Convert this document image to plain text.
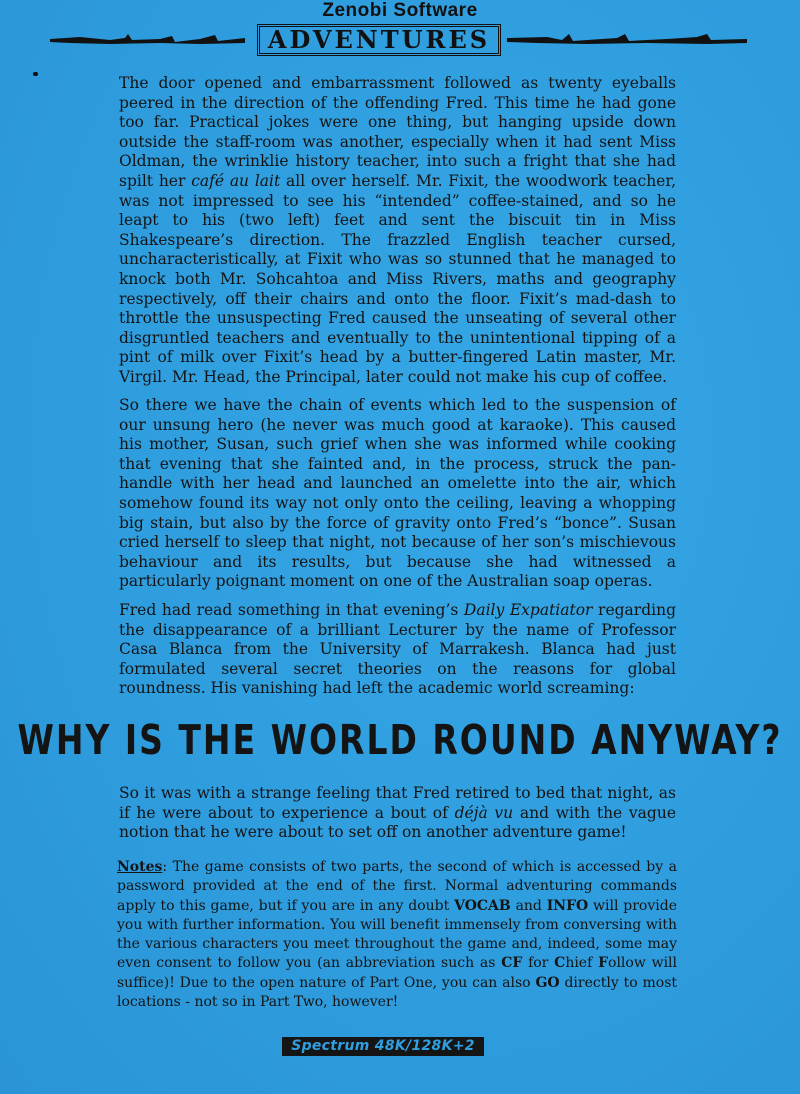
Zenobi Software
ADVENTURES

The door opened and embarrassment followed as twenty eyeballs peered in the direction of the offending Fred. This time he had gone too far. Practical jokes were one thing, but hanging upside down outside the staff-room was another, especially when it had sent Miss Oldman, the wrinklie history teacher, into such a fright that she had spilt her café au lait all over herself. Mr. Fixit, the woodwork teacher, was not impressed to see his “intended” coffee-stained, and so he leapt to his (two left) feet and sent the biscuit tin in Miss Shakespeare’s direction. The frazzled English teacher cursed, uncharacteristically, at Fixit who was so stunned that he managed to knock both Mr. Sohcahtoa and Miss Rivers, maths and geography respectively, off their chairs and onto the floor. Fixit’s mad-dash to throttle the unsuspecting Fred caused the unseating of several other disgruntled teachers and eventually to the unintentional tipping of a pint of milk over Fixit’s head by a butter-fingered Latin master, Mr. Virgil. Mr. Head, the Principal, later could not make his cup of coffee.

So there we have the chain of events which led to the suspension of our unsung hero (he never was much good at karaoke). This caused his mother, Susan, such grief when she was informed while cooking that evening that she fainted and, in the process, struck the pan-handle with her head and launched an omelette into the air, which somehow found its way not only onto the ceiling, leaving a whopping big stain, but also by the force of gravity onto Fred’s “bonce”. Susan cried herself to sleep that night, not because of her son’s mischievous behaviour and its results, but because she had witnessed a particularly poignant moment on one of the Australian soap operas.

Fred had read something in that evening’s Daily Expatiator regarding the disappearance of a brilliant Lecturer by the name of Professor Casa Blanca from the University of Marrakesh. Blanca had just formulated several secret theories on the reasons for global roundness. His vanishing had left the academic world screaming:

So it was with a strange feeling that Fred retired to bed that night, as if he were about to experience a bout of déjà vu and with the vague notion that he were about to set off on another adventure game!

WHY IS THE WORLD ROUND ANYWAY?

Notes: The game consists of two parts, the second of which is accessed by a password provided at the end of the first. Normal adventuring commands apply to this game, but if you are in any doubt VOCAB and INFO will provide you with further information. You will benefit immensely from conversing with the various characters you meet throughout the game and, indeed, some may even consent to follow you (an abbreviation such as CF for Chief Follow will suffice)! Due to the open nature of Part One, you can also GO directly to most locations - not so in Part Two, however!

Spectrum 48K/128K+2
